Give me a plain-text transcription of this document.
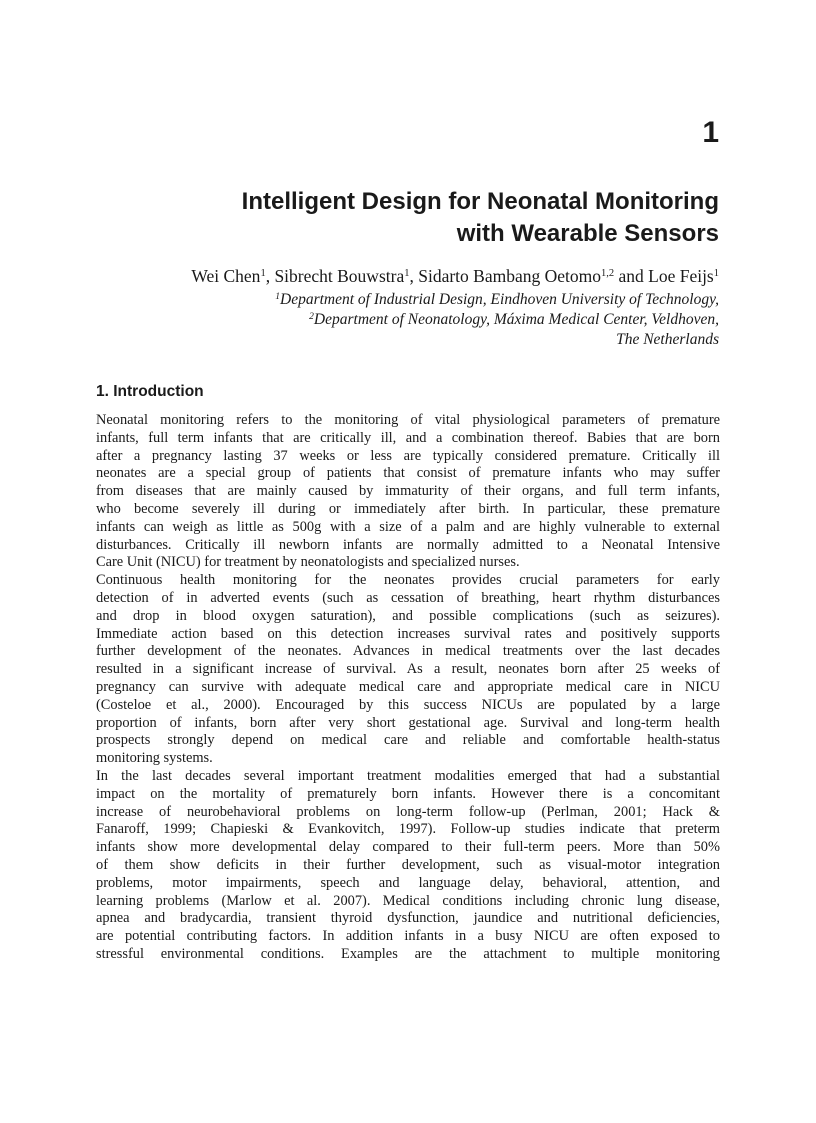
1
Intelligent Design for Neonatal Monitoring
with Wearable Sensors
Wei Chen$^1$, Sibrecht Bouwstra$^1$, Sidarto Bambang Oetomo$^{1,2}$ and Loe Feijs$^1$
$^1$Department of Industrial Design, Eindhoven University of Technology,
$^2$Department of Neonatology, Máxima Medical Center, Veldhoven,
The Netherlands
1. Introduction
Neonatal monitoring refers to the monitoring of vital physiological parameters of premature
infants, full term infants that are critically ill, and a combination thereof. Babies that are born
after a pregnancy lasting 37 weeks or less are typically considered premature. Critically ill
neonates are a special group of patients that consist of premature infants who may suffer
from diseases that are mainly caused by immaturity of their organs, and full term infants,
who become severely ill during or immediately after birth. In particular, these premature
infants can weigh as little as 500g with a size of a palm and are highly vulnerable to external
disturbances. Critically ill newborn infants are normally admitted to a Neonatal Intensive
Care Unit (NICU) for treatment by neonatologists and specialized nurses.
Continuous health monitoring for the neonates provides crucial parameters for early
detection of in adverted events (such as cessation of breathing, heart rhythm disturbances
and drop in blood oxygen saturation), and possible complications (such as seizures).
Immediate action based on this detection increases survival rates and positively supports
further development of the neonates. Advances in medical treatments over the last decades
resulted in a significant increase of survival. As a result, neonates born after 25 weeks of
pregnancy can survive with adequate medical care and appropriate medical care in NICU
(Costeloe et al., 2000). Encouraged by this success NICUs are populated by a large
proportion of infants, born after very short gestational age. Survival and long-term health
prospects strongly depend on medical care and reliable and comfortable health-status
monitoring systems.
In the last decades several important treatment modalities emerged that had a substantial
impact on the mortality of prematurely born infants. However there is a concomitant
increase of neurobehavioral problems on long-term follow-up (Perlman, 2001; Hack &
Fanaroff, 1999; Chapieski & Evankovitch, 1997). Follow-up studies indicate that preterm
infants show more developmental delay compared to their full-term peers. More than 50%
of them show deficits in their further development, such as visual-motor integration
problems, motor impairments, speech and language delay, behavioral, attention, and
learning problems (Marlow et al. 2007). Medical conditions including chronic lung disease,
apnea and bradycardia, transient thyroid dysfunction, jaundice and nutritional deficiencies,
are potential contributing factors. In addition infants in a busy NICU are often exposed to
stressful environmental conditions. Examples are the attachment to multiple monitoring
